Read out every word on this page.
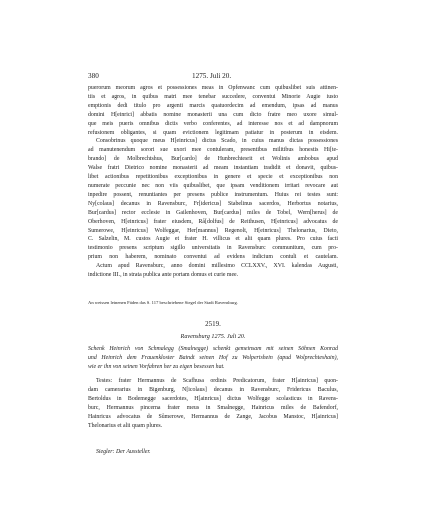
380	1275. Juli 20.
puerorum meorum agros et possessiones meas in Opfenwanc cum quibuslibet suis attinen-
tiis et agros, in quibus matri mee tenebar succedere, conventui Minorie Augie iusto
emptionis dedi titulo pro argenti marcis quatuordecim ad emendum, ipsas ad manus
domini H[einrici] abbatis nomine monasterii una cum dicto fratre meo uxore simul-
que meis pueris omnibus dictis verbo conferentes, ad interesse nos et ad dampnorum
refusionem obligantes, si quam evictionem legitimam patiatur in posterum in eisdem.
Consobrinus quoque meus H[einricus] dictus Scado, in cuius manus dictas possessiones
ad manutenendum sorori sue uxori mee contuleram, presentibus militibus honestis Hi[te-
brando] de Molbrechtshus, Bur[cardo] de Hunbrechtesrit et Wolinis ambobus apud
Walse fratri Dietrico nomine monasterii ad meam instantiam tradidit et donavit, quibus-
libet actionibus repetitionibus exceptionibus in genere et specie et exceptionibus non
numerate peccunie nec non viis quibuslibet, que ipsam venditionem irritari revocare aut
inpedire possent, renuntiantes per presens publice instrumentum. Huius rei testes sunt:
Ny[colaus] decanus in Ravensburc, Fr[idericus] Stabelinus sacerdos, Herbortus notarius,
Bur[cardus] rector ecclesie in Gailenhoven, Bur[cardus] miles de Tobel, Wern[herus] de
Oberhoven, H[einricus] frater eiusdem, Rå[dolfus] de Reithusen, H[einricus] advocatus de
Sumerowe, H[einricus] Wolfeggar, Her[mannus] Regenolt, H[einricus] Thelonarius, Dieto,
C. Salzelin, M. custos Augie et frater H. villicus et alii quam plures. Pro cuius facti
testimonio presens scriptum sigillo universitatis in Ravensburc communitum, cum pro-
prium non haberem, nominato conventui ad evidens indicium contuli et cautelam.
Actum apud Ravensburc, anno domini millesimo CCLXXV., XVI. kalendas Augusti,
indictione III., in strata publica ante portam domus et curie mee.
An weissen leinenen Fäden das S. 117 beschriebene Siegel der Stadt Ravensburg.
2519.
Ravensburg 1275. Juli 20.
Schenk Heinrich von Schmalegg (Smalnegge) schenkt gemeinsam mit seinen Söhnen Konrad
und Heinrich dem Frauenkloster Baindt seinen Hof zu Wolpertshein (apud Wolprechteshain),
wie er ihn von seinen Vorfahren her zu eigen besessen hat.
Testes: frater Hermannus de Scafhusa ordinis Predicatorum, frater H[ainricus] quon-
dam camerarius in Bigenburg, N[icolaus] decanus in Ravensburc, Fridericus Baculus,
Bertoldus in Bodemegge sacerdotes, H[ainricus] dictus Wolfegge scolasticus in Ravens-
burc, Hermannus pincerna frater meus in Smalnegge, Hainricus miles de Bafendorf,
Hainricus advocatus de Sůmerowe, Hermannus de Zange, Jacobus Manstoc, H[ainricus]
Thelonarius et alii quam plures.
Siegler: Der Aussteller.
